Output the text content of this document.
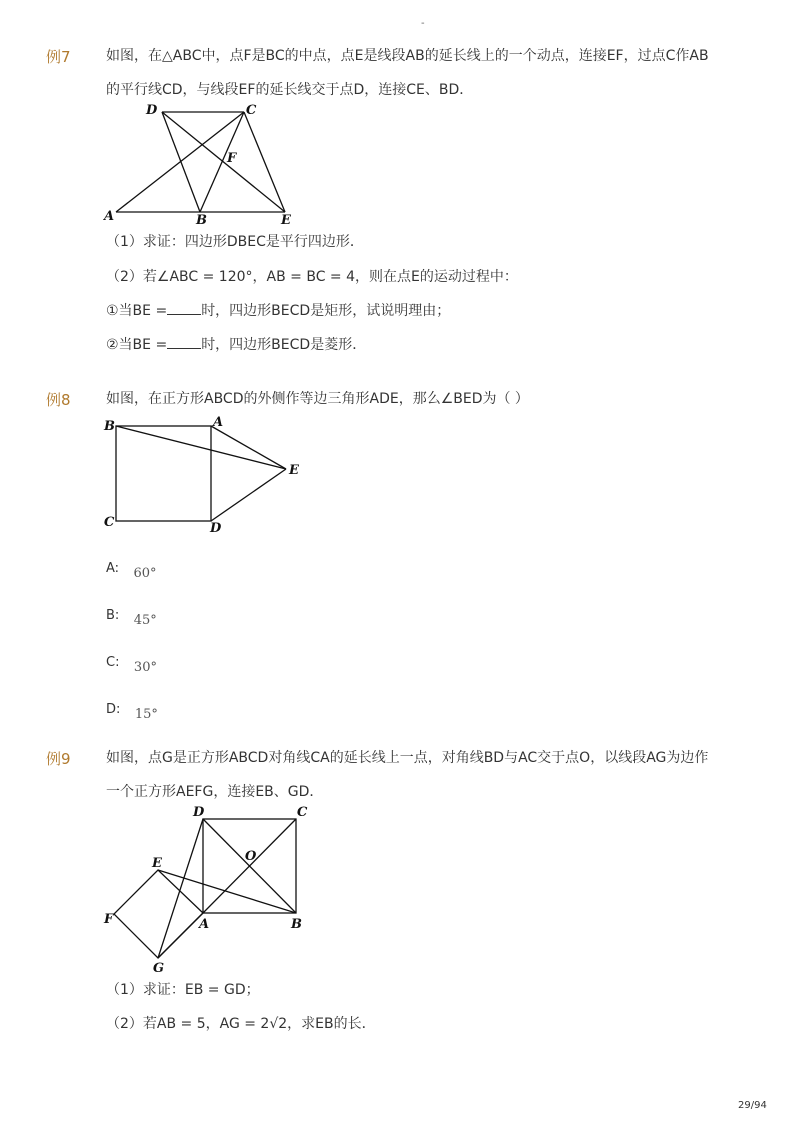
-
例7	如图，在△ABC中，点F是BC的中点，点E是线段AB的延长线上的一个动点，连接EF，过点C作AB
的平行线CD，与线段EF的延长线交于点D，连接CE、BD．
D	C
F
A	B	E
（1）求证：四边形DBEC是平行四边形．
（2）若∠ABC = 120°，AB = BC = 4，则在点E的运动过程中：
①当BE = 时，四边形BECD是矩形，试说明理由；
②当BE = 时，四边形BECD是菱形．
例8	如图，在正方形ABCD的外侧作等边三角形ADE，那么∠BED为（ ）
B	A
E
C	D
A: 60°
B: 45°
C: 30°
D: 15°
例9	如图，点G是正方形ABCD对角线CA的延长线上一点，对角线BD与AC交于点O，以线段AG为边作
一个正方形AEFG，连接EB、GD．
D	C
O
E
F	A	B
G
（1）求证：EB = GD；
（2）若AB = 5，AG = 2√2，求EB的长．
29/94
